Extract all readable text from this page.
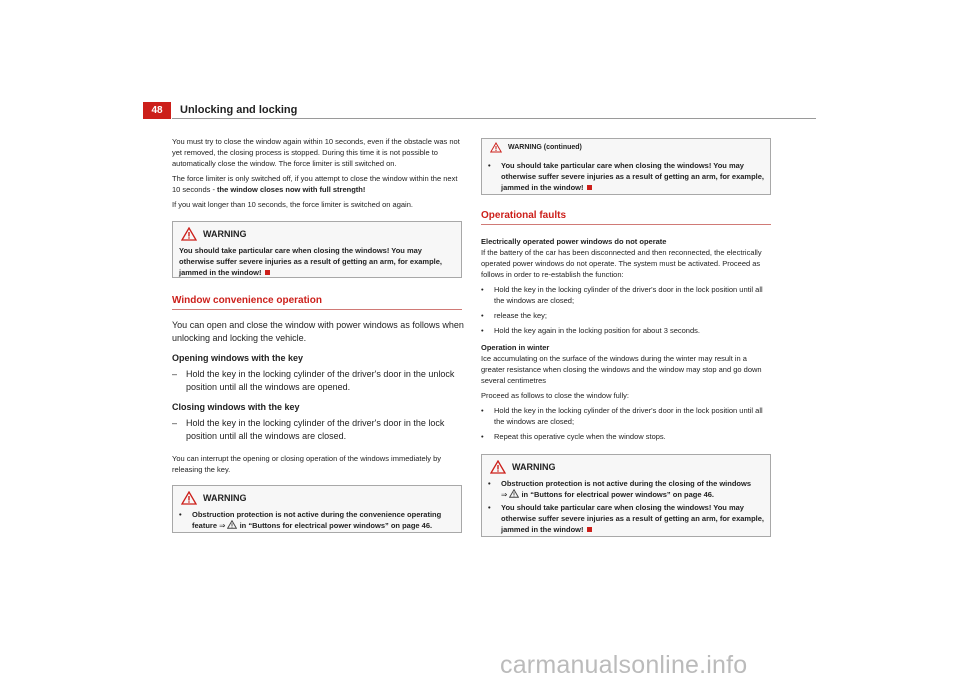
48	Unlocking and locking

You must try to close the window again within 10 seconds, even if the obstacle was not yet removed, the closing process is stopped. During this time it is not possible to automatically close the window. The force limiter is still switched on.

The force limiter is only switched off, if you attempt to close the window within the next 10 seconds - the window closes now with full strength!

If you wait longer than 10 seconds, the force limiter is switched on again.

WARNING
You should take particular care when closing the windows! You may otherwise suffer severe injuries as a result of getting an arm, for example, jammed in the window!
Window convenience operation

You can open and close the window with power windows as follows when unlocking and locking the vehicle.

Opening windows with the key

– Hold the key in the locking cylinder of the driver's door in the unlock position until all the windows are opened.

Closing windows with the key

– Hold the key in the locking cylinder of the driver's door in the lock position until all the windows are closed.

You can interrupt the opening or closing operation of the windows immediately by releasing the key.

WARNING
•	Obstruction protection is not active during the convenience operating feature ⇒  in “Buttons for electrical power windows” on page 46.
WARNING (continued)
•	You should take particular care when closing the windows! You may otherwise suffer severe injuries as a result of getting an arm, for example, jammed in the window!
Operational faults

Electrically operated power windows do not operate

If the battery of the car has been disconnected and then reconnected, the electrically operated power windows do not operate. The system must be activated. Proceed as follows in order to re-establish the function:

•	Hold the key in the locking cylinder of the driver's door in the lock position until all the windows are closed;
•	release the key;
•	Hold the key again in the locking position for about 3 seconds.

Operation in winter

Ice accumulating on the surface of the windows during the winter may result in a greater resistance when closing the windows and the window may stop and go down several centimetres

Proceed as follows to close the window fully:

•	Hold the key in the locking cylinder of the driver's door in the lock position until all the windows are closed;
•	Repeat this operative cycle when the window stops.
WARNING
•	Obstruction protection is not active during the closing of the windows
⇒  in “Buttons for electrical power windows” on page 46.
•	You should take particular care when closing the windows! You may otherwise suffer severe injuries as a result of getting an arm, for example, jammed in the window!
carmanualsonline.info
